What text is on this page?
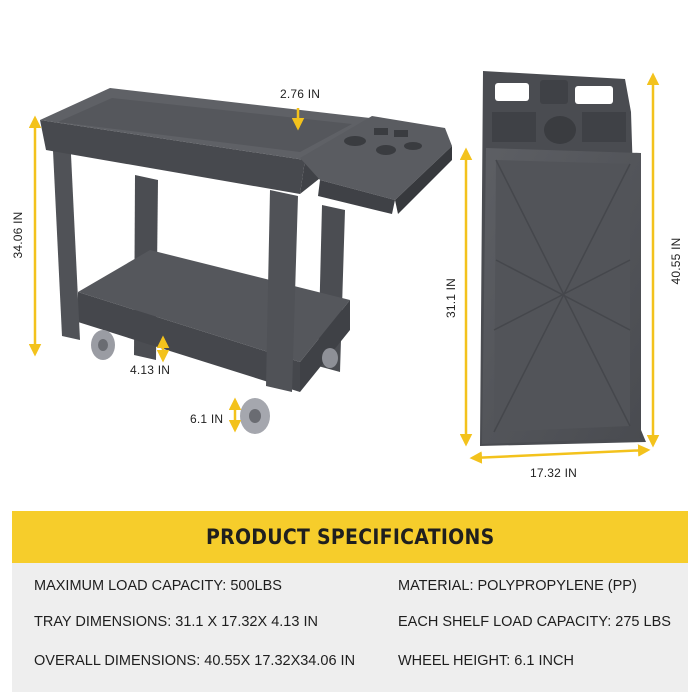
2.76 IN
34.06 IN
4.13 IN
6.1 IN
31.1 IN
40.55 IN
17.32 IN
PRODUCT SPECIFICATIONS
MAXIMUM LOAD CAPACITY: 500LBS	MATERIAL: POLYPROPYLENE (PP)
TRAY DIMENSIONS: 31.1 X 17.32X 4.13 IN	EACH SHELF LOAD CAPACITY: 275 LBS
OVERALL DIMENSIONS: 40.55X 17.32X34.06 IN	WHEEL HEIGHT: 6.1 INCH
